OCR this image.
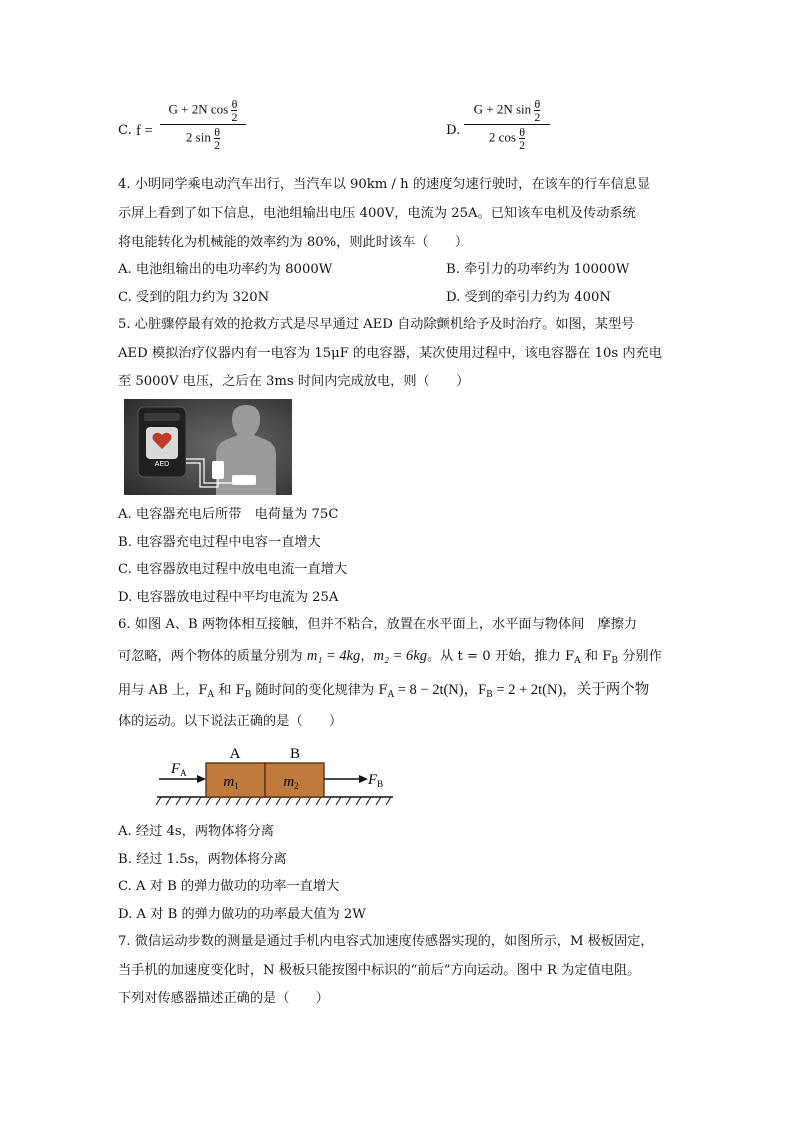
C. f =
G + 2N $\cos \frac{\theta}{2}$
2 $\sin \frac{\theta}{2}$	D.
G + 2N $\sin \frac{\theta}{2}$
2 $\cos \frac{\theta}{2}$
4. 小明同学乘电动汽车出行，当汽车以 90km / h 的速度匀速行驶时，在该车的行车信息显
示屏上看到了如下信息，电池组输出电压 400V，电流为 25A。已知该车电机及传动系统
将电能转化为机械能的效率约为 80%，则此时该车（　　）
A. 电池组输出的电功率约为 8000W	B. 牵引力的功率约为 10000W
C. 受到的阻力约为 320N	D. 受到的牵引力约为 400N
5. 心脏骤停最有效的抢救方式是尽早通过 AED 自动除颤机给予及时治疗。如图，某型号
AED 模拟治疗仪器内有一电容为 15μF 的电容器，某次使用过程中，该电容器在 10s 内充电
至 5000V 电压，之后在 3ms 时间内完成放电，则（　　）
AED
A. 电容器充电后所带　电荷量为 75C
B. 电容器充电过程中电容一直增大
C. 电容器放电过程中放电电流一直增大
D. 电容器放电过程中平均电流为 25A
6. 如图 A、B 两物体相互接触，但并不粘合，放置在水平面上，水平面与物体间　摩擦力
可忽略，两个物体的质量分别为 m₁ = 4kg，m₂ = 6kg。从 t = 0 开始，推力 $F_A$ 和 $F_B$ 分别作
用与 AB 上，$F_A$ 和 $F_B$ 随时间的变化规律为 $F_A = 8 - 2t(N)$，$F_B = 2 + 2t(N)$，关于两个物
体的运动。以下说法正确的是（　　）
A	B
$m_1$	$m_2$
$F_A$	$F_B$
A. 经过 4s，两物体将分离
B. 经过 1.5s，两物体将分离
C. A 对 B 的弹力做功的功率一直增大
D. A 对 B 的弹力做功的功率最大值为 2W
7. 微信运动步数的测量是通过手机内电容式加速度传感器实现的，如图所示，M 极板固定，
当手机的加速度变化时，N 极板只能按图中标识的“前后”方向运动。图中 R 为定值电阻。
下列对传感器描述正确的是（　　）
